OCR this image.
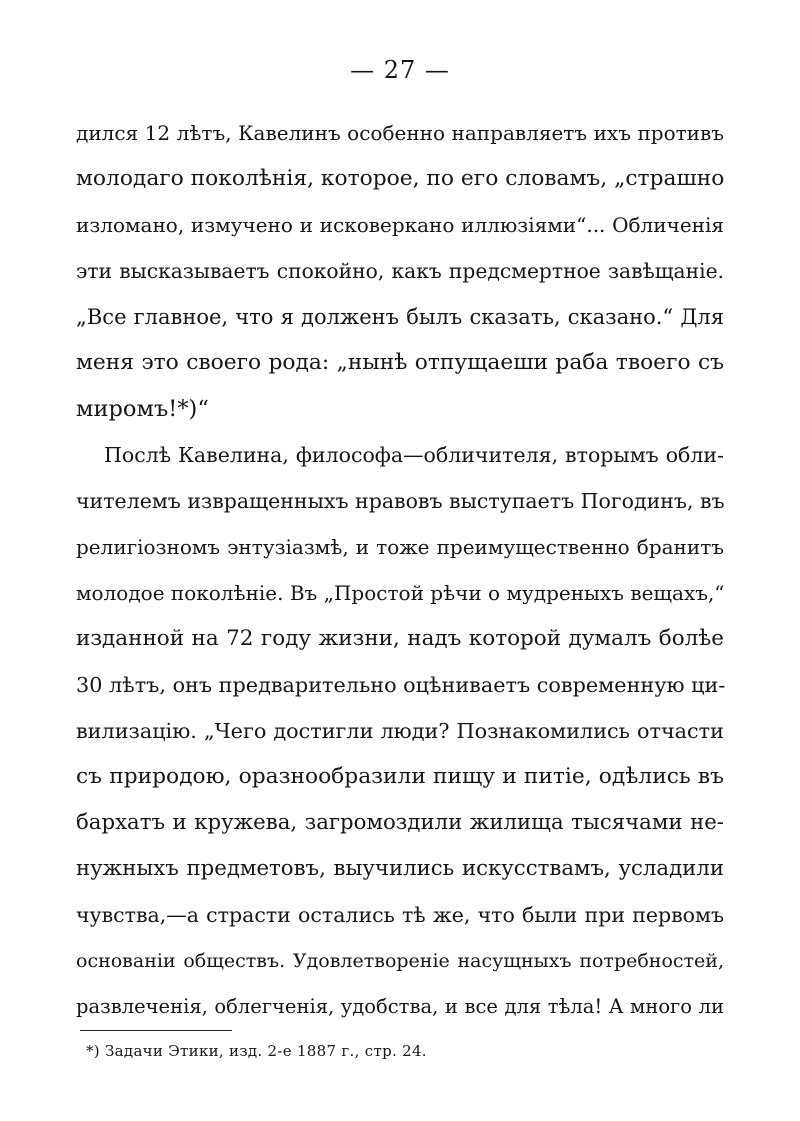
— 27 —
дился 12 лѣтъ, Кавелинъ особенно направляетъ ихъ противъ
молодаго поколѣнія, которое, по его словамъ, „страшно
изломано, измучено и исковеркано иллюзіями“... Обличенія
эти высказываетъ спокойно, какъ предсмертное завѣщаніе.
„Все главное, что я долженъ былъ сказать, сказано.“ Для
меня это своего рода: „нынѣ отпущаеши раба твоего съ
миромъ!*)“
Послѣ Кавелина, философа—обличителя, вторымъ обли-
чителемъ извращенныхъ нравовъ выступаетъ Погодинъ, въ
религіозномъ энтузіазмѣ, и тоже преимущественно бранитъ
молодое поколѣніе. Въ „Простой рѣчи о мудреныхъ вещахъ,“
изданной на 72 году жизни, надъ которой думалъ болѣе
30 лѣтъ, онъ предварительно оцѣниваетъ современную ци-
вилизацію. „Чего достигли люди? Познакомились отчасти
съ природою, оразнообразили пищу и питіе, одѣлись въ
бархатъ и кружева, загромоздили жилища тысячами не-
нужныхъ предметовъ, выучились искусствамъ, усладили
чувства,—а страсти остались тѣ же, что были при первомъ
основаніи обществъ. Удовлетвореніе насущныхъ потребностей,
развлеченія, облегченія, удобства, и все для тѣла! А много ли
*) Задачи Этики, изд. 2-е 1887 г., стр. 24.
